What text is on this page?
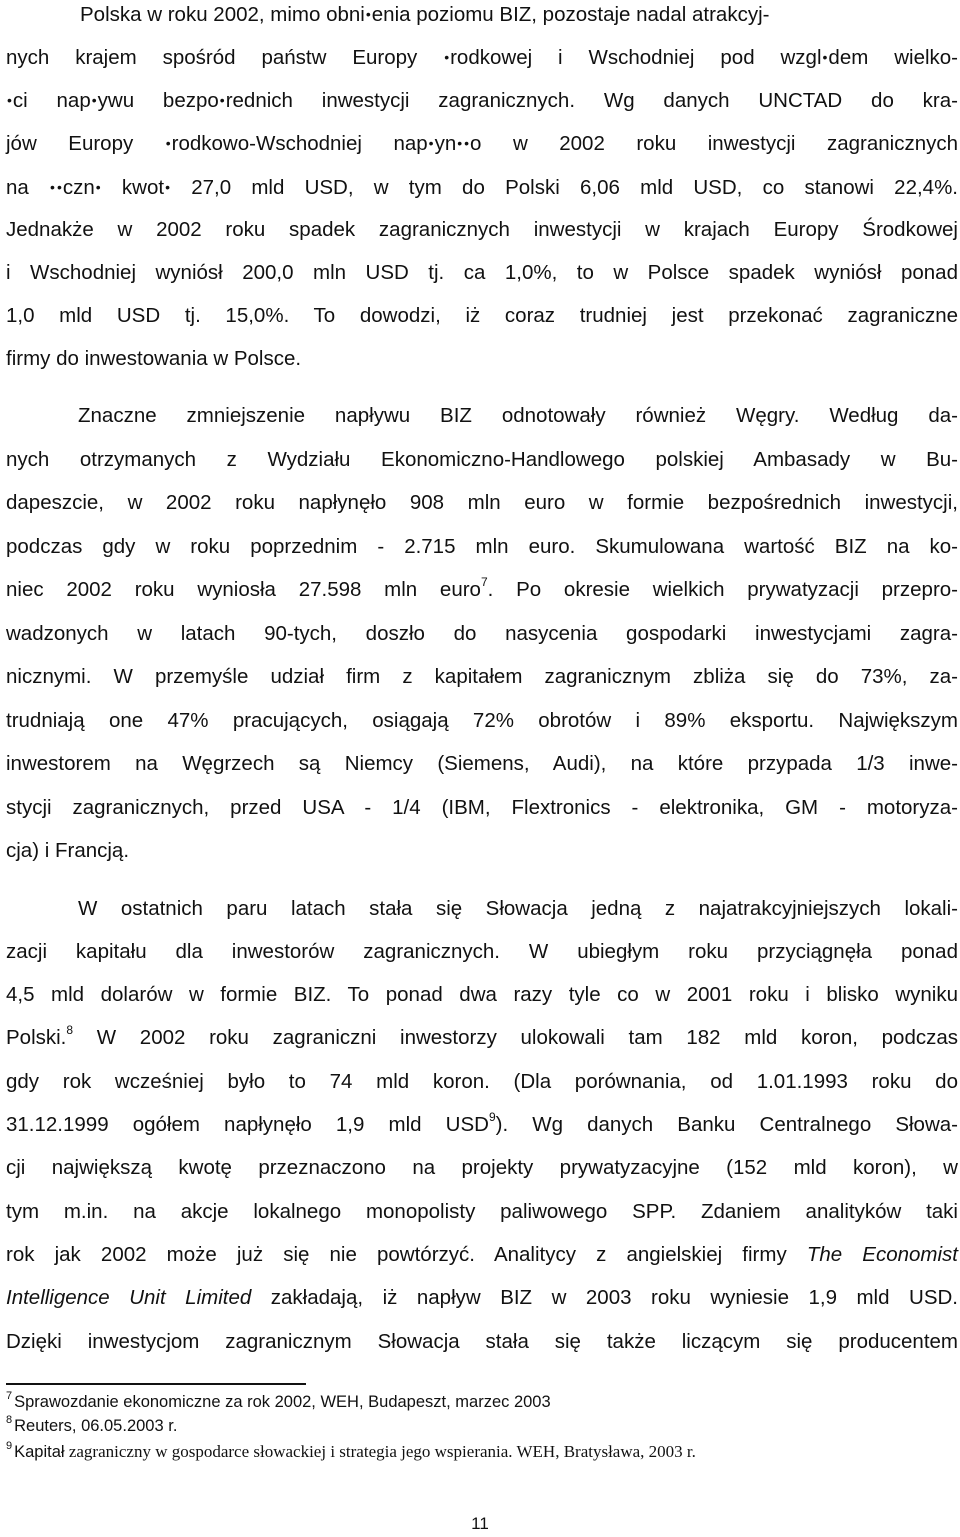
Polska w roku 2002, mimo obni•enia poziomu BIZ, pozostaje nadal atrakcyj-
nych krajem spośród państw Europy •rodkowej i Wschodniej pod wzgl•dem wielko-
•ci nap•ywu bezpo•rednich inwestycji zagranicznych. Wg danych UNCTAD do kra-
jów Europy •rodkowo-Wschodniej nap•yn• •o w 2002 roku inwestycji zagranicznych
na • •czn• kwot• 27,0 mld USD, w tym do Polski 6,06 mld USD, co stanowi 22,4%.
Jednakże w 2002 roku spadek zagranicznych inwestycji w krajach Europy Środkowej
i Wschodniej wyniósł 200,0 mln USD tj. ca 1,0%, to w Polsce spadek wyniósł ponad
1,0 mld USD tj. 15,0%. To dowodzi, iż coraz trudniej jest przekonać zagraniczne
firmy do inwestowania w Polsce.
Znaczne zmniejszenie napływu BIZ odnotowały również Węgry. Według da-
nych otrzymanych z Wydziału Ekonomiczno-Handlowego polskiej Ambasady w Bu-
dapeszcie, w 2002 roku napłynęło 908 mln euro w formie bezpośrednich inwestycji,
podczas gdy w roku poprzednim - 2.715 mln euro. Skumulowana wartość BIZ na ko-
niec 2002 roku wyniosła 27.598 mln euro$^7$. Po okresie wielkich prywatyzacji przepro-
wadzonych w latach 90-tych, doszło do nasycenia gospodarki inwestycjami zagra-
nicznymi. W przemyśle udział firm z kapitałem zagranicznym zbliża się do 73%, za-
trudniają one 47% pracujących, osiągają 72% obrotów i 89% eksportu. Największym
inwestorem na Węgrzech są Niemcy (Siemens, Audi), na które przypada 1/3 inwe-
stycji zagranicznych, przed USA - 1/4 (IBM, Flextronics - elektronika, GM - motoryza-
cja) i Francją.
W ostatnich paru latach stała się Słowacja jedną z najatrakcyjniejszych lokali-
zacji kapitału dla inwestorów zagranicznych. W ubiegłym roku przyciągnęła ponad
4,5 mld dolarów w formie BIZ. To ponad dwa razy tyle co w 2001 roku i blisko wyniku
Polski.$^8$ W 2002 roku zagraniczni inwestorzy ulokowali tam 182 mld koron, podczas
gdy rok wcześniej było to 74 mld koron. (Dla porównania, od 1.01.1993 roku do
31.12.1999 ogółem napłynęło 1,9 mld USD$^9$). Wg danych Banku Centralnego Słowa-
cji największą kwotę przeznaczono na projekty prywatyzacyjne (152 mld koron), w
tym m.in. na akcje lokalnego monopolisty paliwowego SPP. Zdaniem analityków taki
rok jak 2002 może już się nie powtórzyć. Analitycy z angielskiej firmy The Economist
Intelligence Unit Limited zakładają, iż napływ BIZ w 2003 roku wyniesie 1,9 mld USD.
Dzięki inwestycjom zagranicznym Słowacja stała się także liczącym się producentem
$^7$ Sprawozdanie ekonomiczne za rok 2002, WEH, Budapeszt, marzec 2003
$^8$ Reuters, 06.05.2003 r.
$^9$ Kapitał zagraniczny w gospodarce słowackiej i strategia jego wspierania. WEH, Bratysława, 2003 r.
11
